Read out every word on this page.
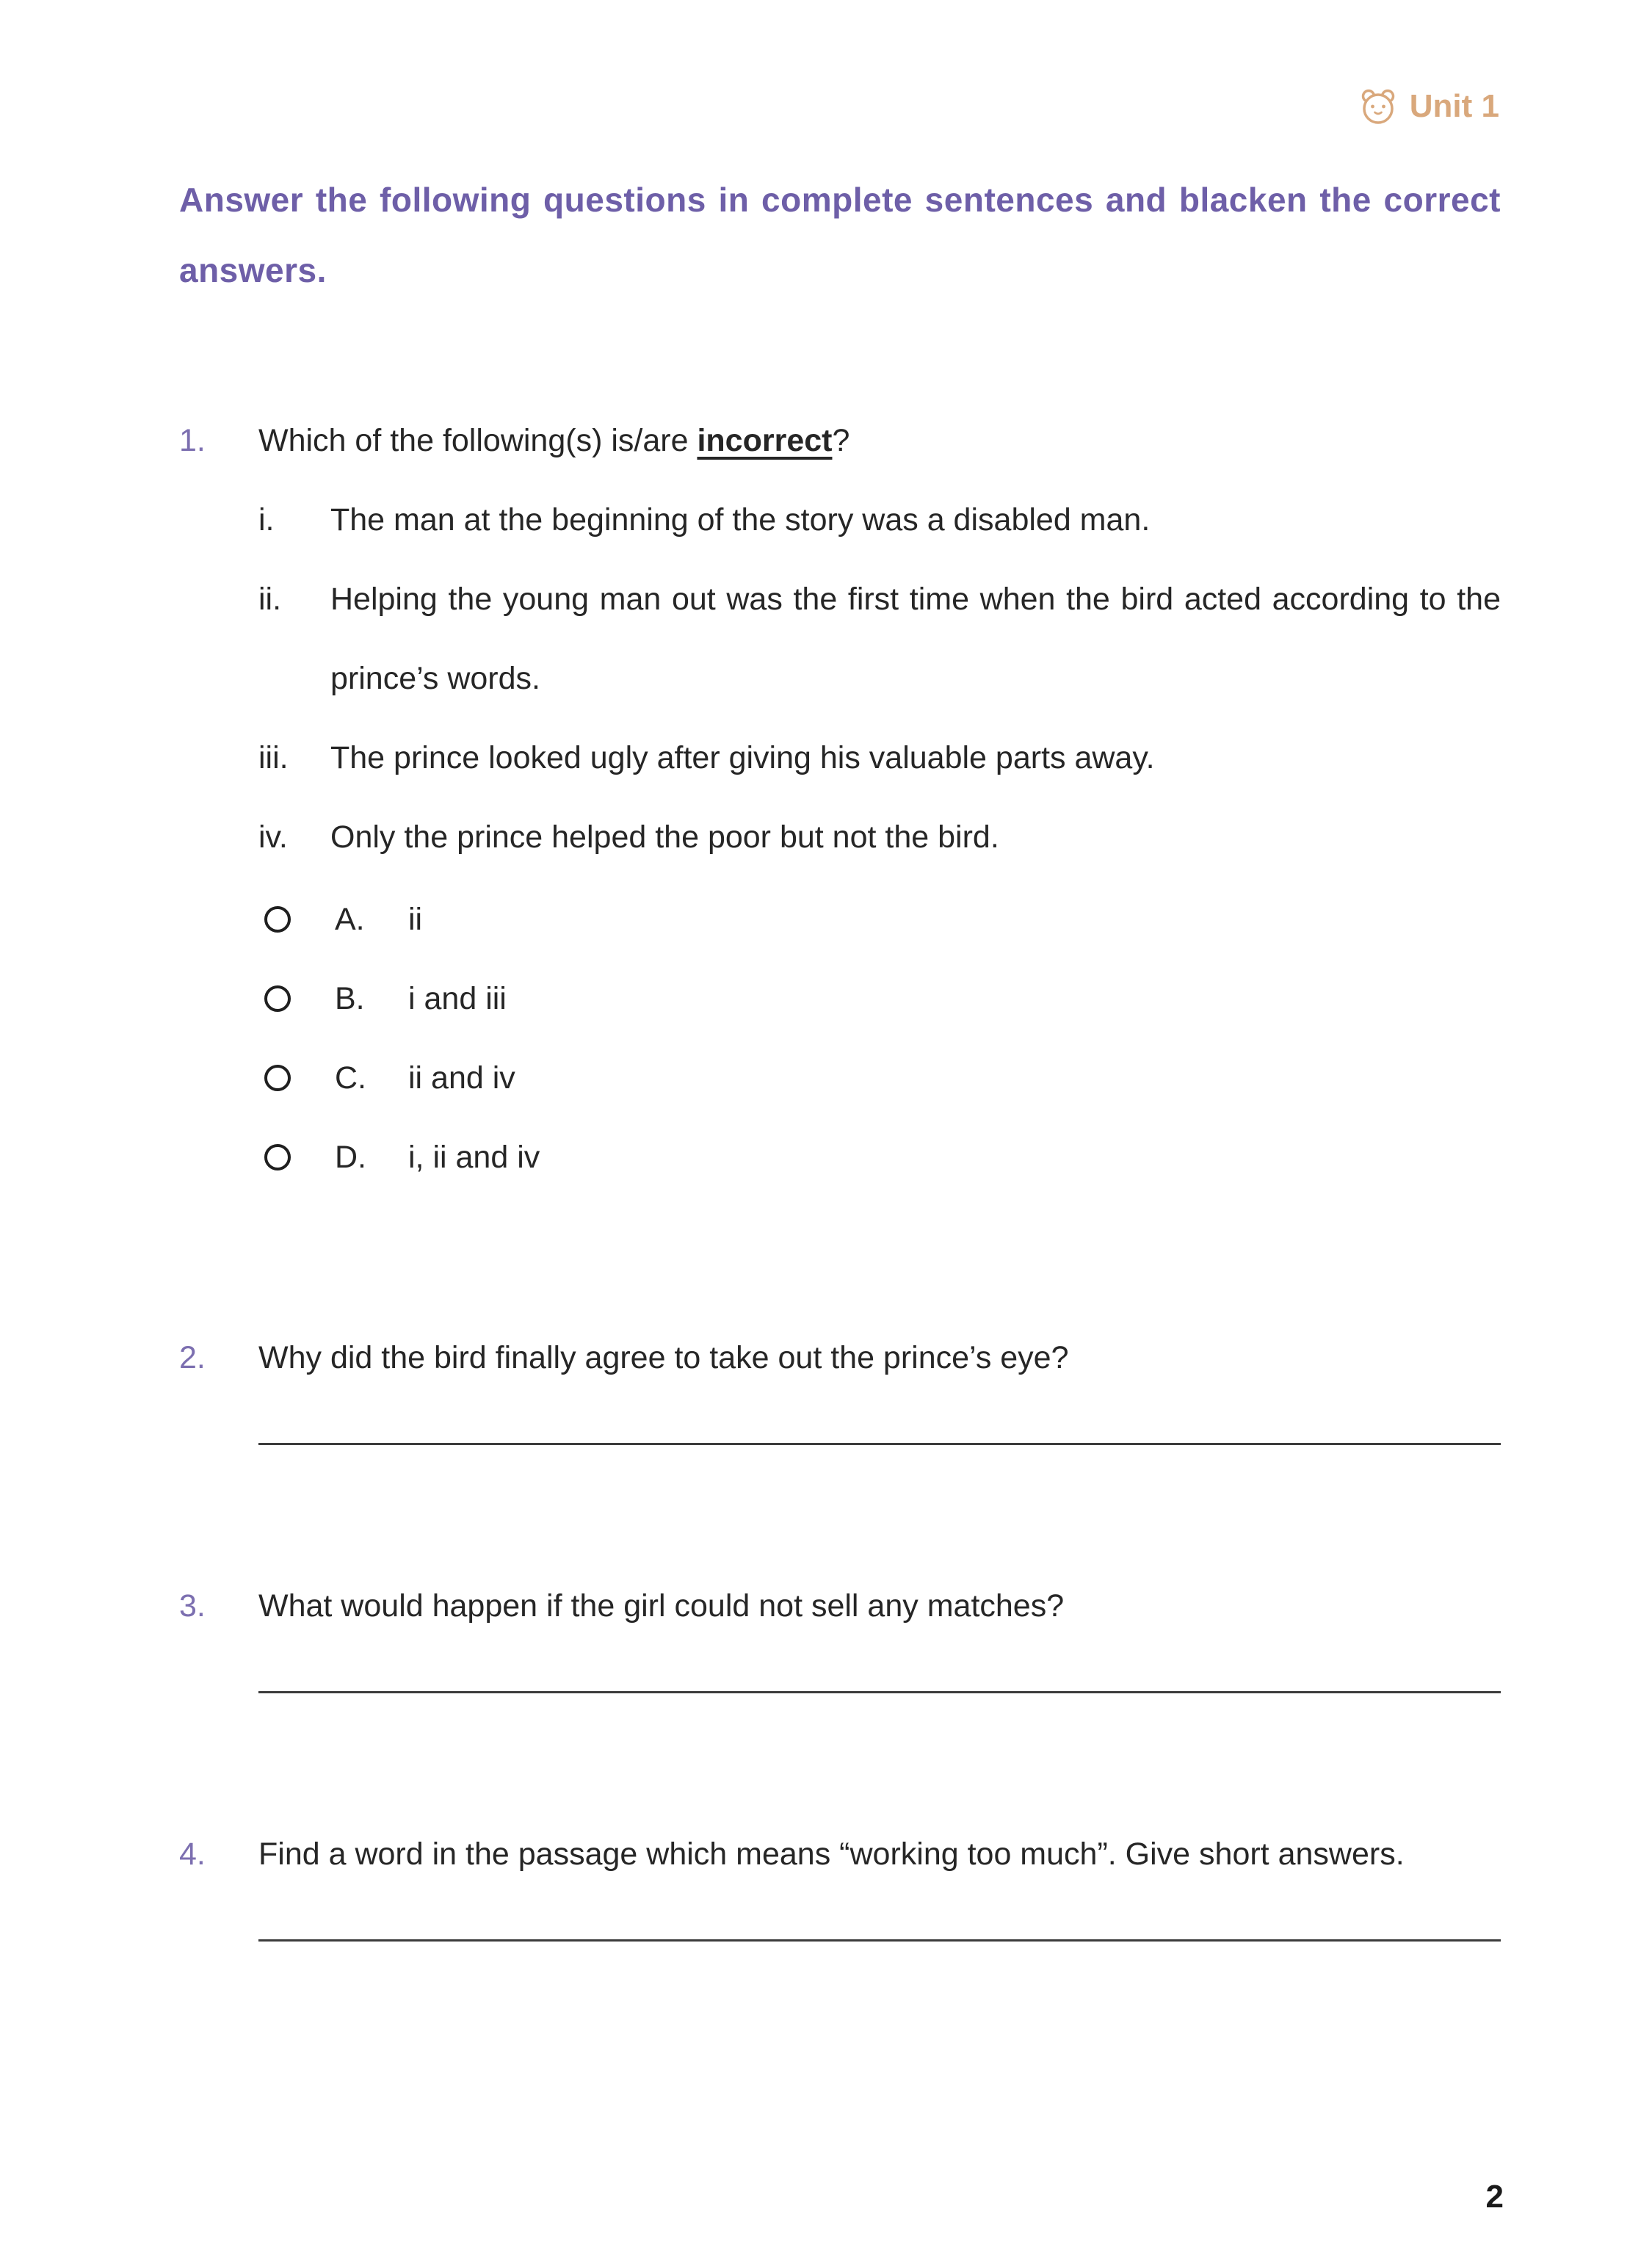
Unit 1

Answer the following questions in complete sentences and blacken the correct answers.

1.	Which of the following(s) is/are incorrect?
i.	The man at the beginning of the story was a disabled man.
ii.	Helping the young man out was the first time when the bird acted according to the prince’s words.
iii.	The prince looked ugly after giving his valuable parts away.
iv.	Only the prince helped the poor but not the bird.
A.	ii
B.	i and iii
C.	ii and iv
D.	i, ii and iv
2.	Why did the bird finally agree to take out the prince’s eye?
3.	What would happen if the girl could not sell any matches?
4.	Find a word in the passage which means “working too much”. Give short answers.
2
